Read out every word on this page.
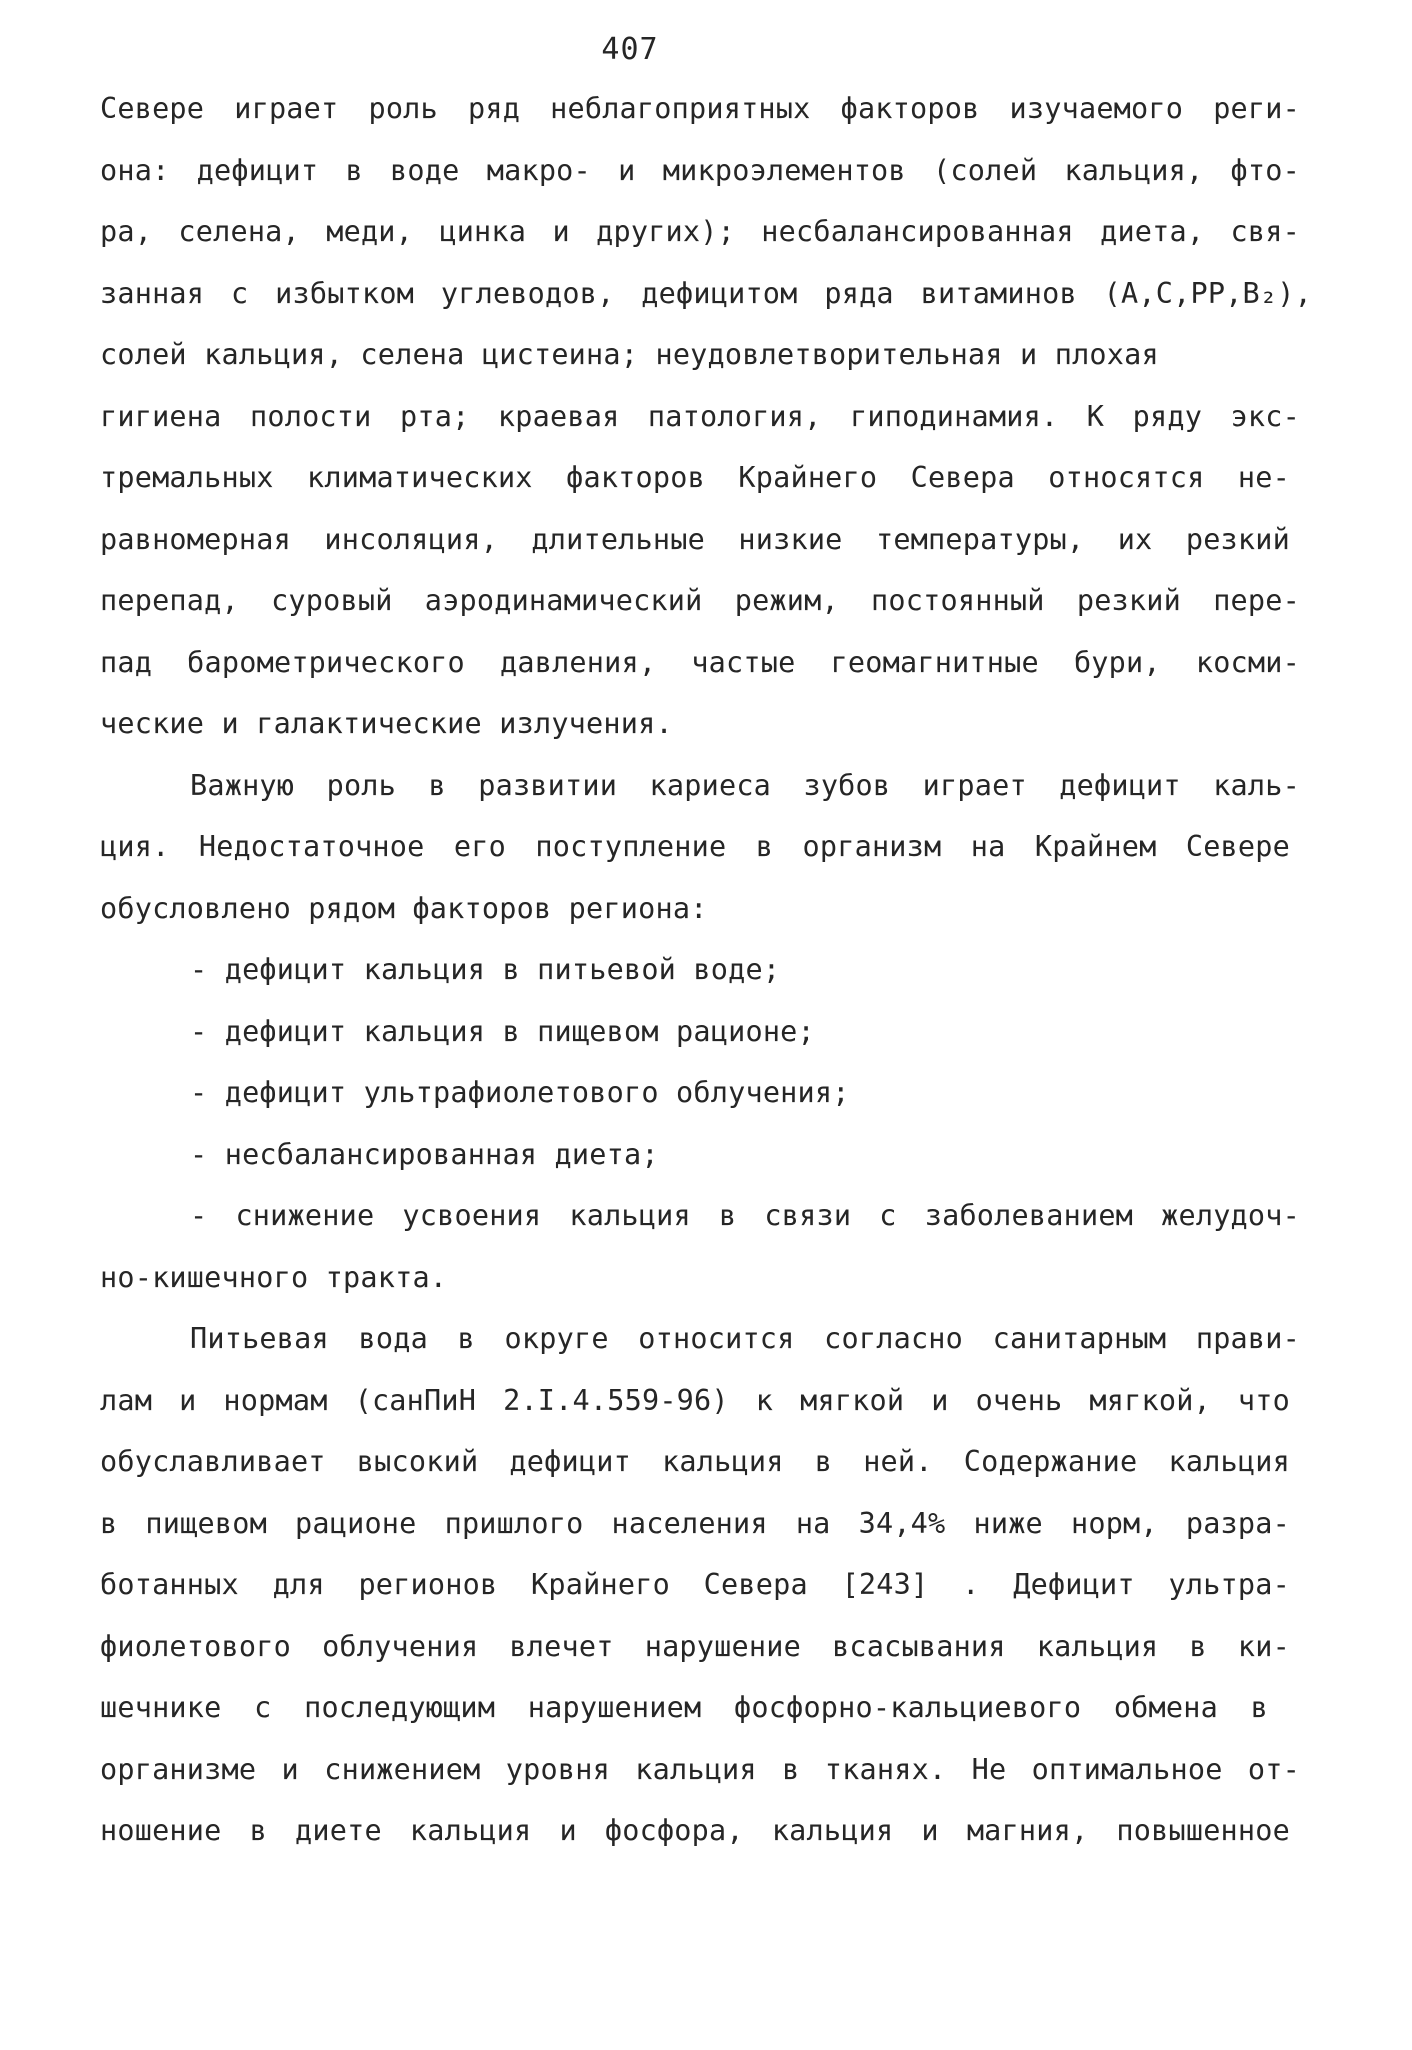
407
Севере играет роль ряд неблагоприятных факторов изучаемого реги-
она: дефицит в воде макро- и микроэлементов (солей кальция, фто-
ра, селена, меди, цинка и других); несбалансированная диета, свя-
занная с избытком углеводов, дефицитом ряда витаминов (А,С,РР,В₂),
солей кальция, селена цистеина; неудовлетворительная и плохая
гигиена полости рта; краевая патология, гиподинамия. К ряду экс-
тремальных климатических факторов Крайнего Севера относятся не-
равномерная инсоляция, длительные низкие температуры, их резкий
перепад, суровый аэродинамический режим, постоянный резкий пере-
пад барометрического давления, частые геомагнитные бури, косми-
ческие и галактические излучения.
Важную роль в развитии кариеса зубов играет дефицит каль-
ция. Недостаточное его поступление в организм на Крайнем Севере
обусловлено рядом факторов региона:
- дефицит кальция в питьевой воде;
- дефицит кальция в пищевом рационе;
- дефицит ультрафиолетового облучения;
- несбалансированная диета;
- снижение усвоения кальция в связи с заболеванием желудоч-
но-кишечного тракта.
Питьевая вода в округе относится согласно санитарным прави-
лам и нормам (санПиН 2.I.4.559-96) к мягкой и очень мягкой, что
обуславливает высокий дефицит кальция в ней. Содержание кальция
в пищевом рационе пришлого населения на 34,4% ниже норм, разра-
ботанных для регионов Крайнего Севера [243] . Дефицит ультра-
фиолетового облучения влечет нарушение всасывания кальция в ки-
шечнике с последующим нарушением фосфорно-кальциевого обмена в
организме и снижением уровня кальция в тканях. Не оптимальное от-
ношение в диете кальция и фосфора, кальция и магния, повышенное
